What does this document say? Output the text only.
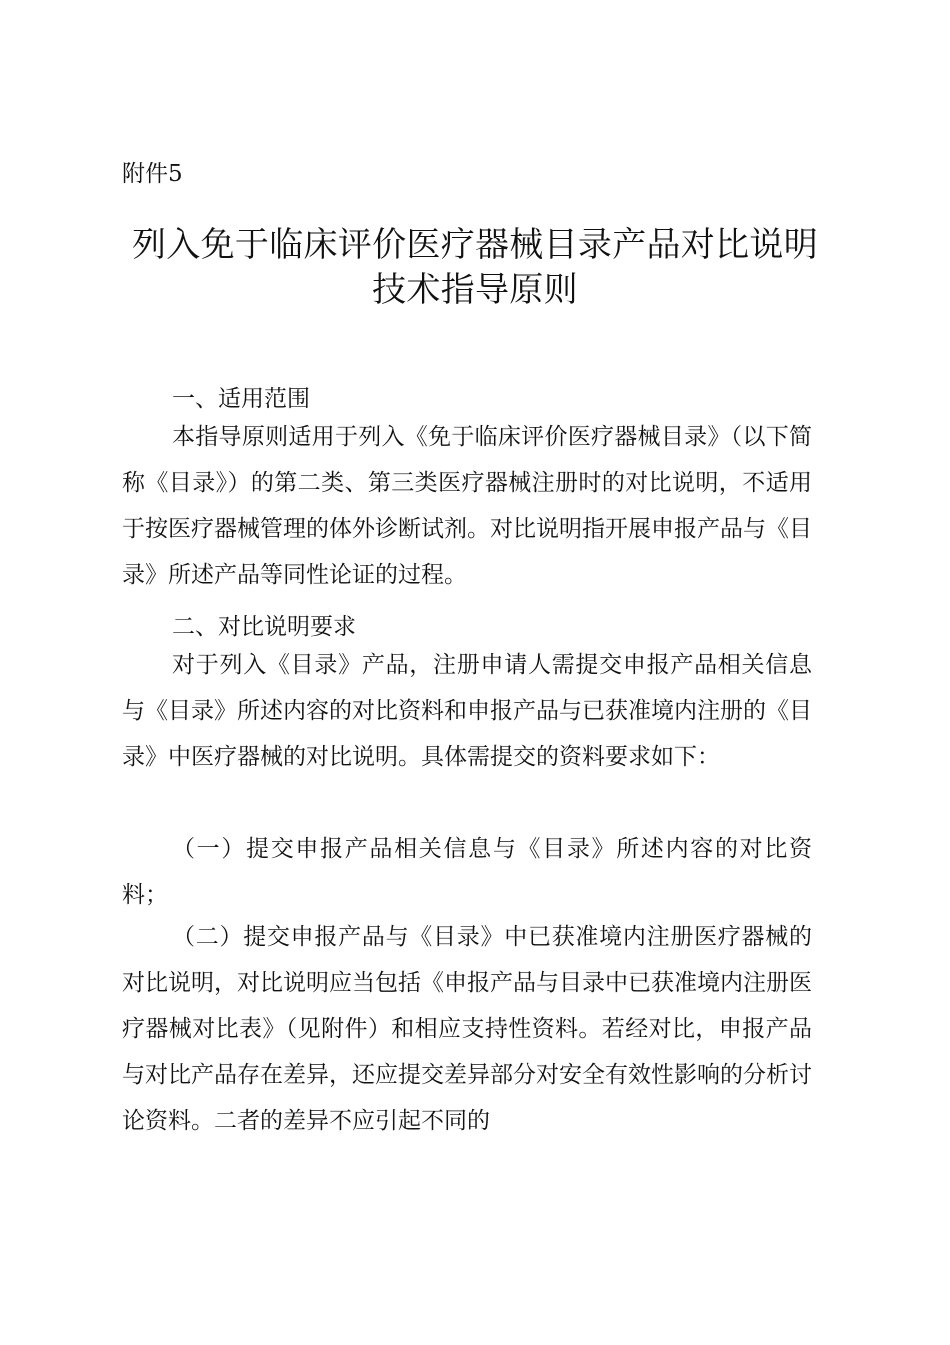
附件5
列入免于临床评价医疗器械目录产品对比说明
技术指导原则
一、适用范围
本指导原则适用于列入《免于临床评价医疗器械目录》（以下简称《目录》）的第二类、第三类医疗器械注册时的对比说明，不适用于按医疗器械管理的体外诊断试剂。对比说明指开展申报产品与《目录》所述产品等同性论证的过程。
二、对比说明要求
对于列入《目录》产品，注册申请人需提交申报产品相关信息与《目录》所述内容的对比资料和申报产品与已获准境内注册的《目录》中医疗器械的对比说明。具体需提交的资料要求如下：
（一）提交申报产品相关信息与《目录》所述内容的对比资料；
（二）提交申报产品与《目录》中已获准境内注册医疗器械的对比说明，对比说明应当包括《申报产品与目录中已获准境内注册医疗器械对比表》（见附件）和相应支持性资料。若经对比，申报产品与对比产品存在差异，还应提交差异部分对安全有效性影响的分析讨论资料。二者的差异不应引起不同的
